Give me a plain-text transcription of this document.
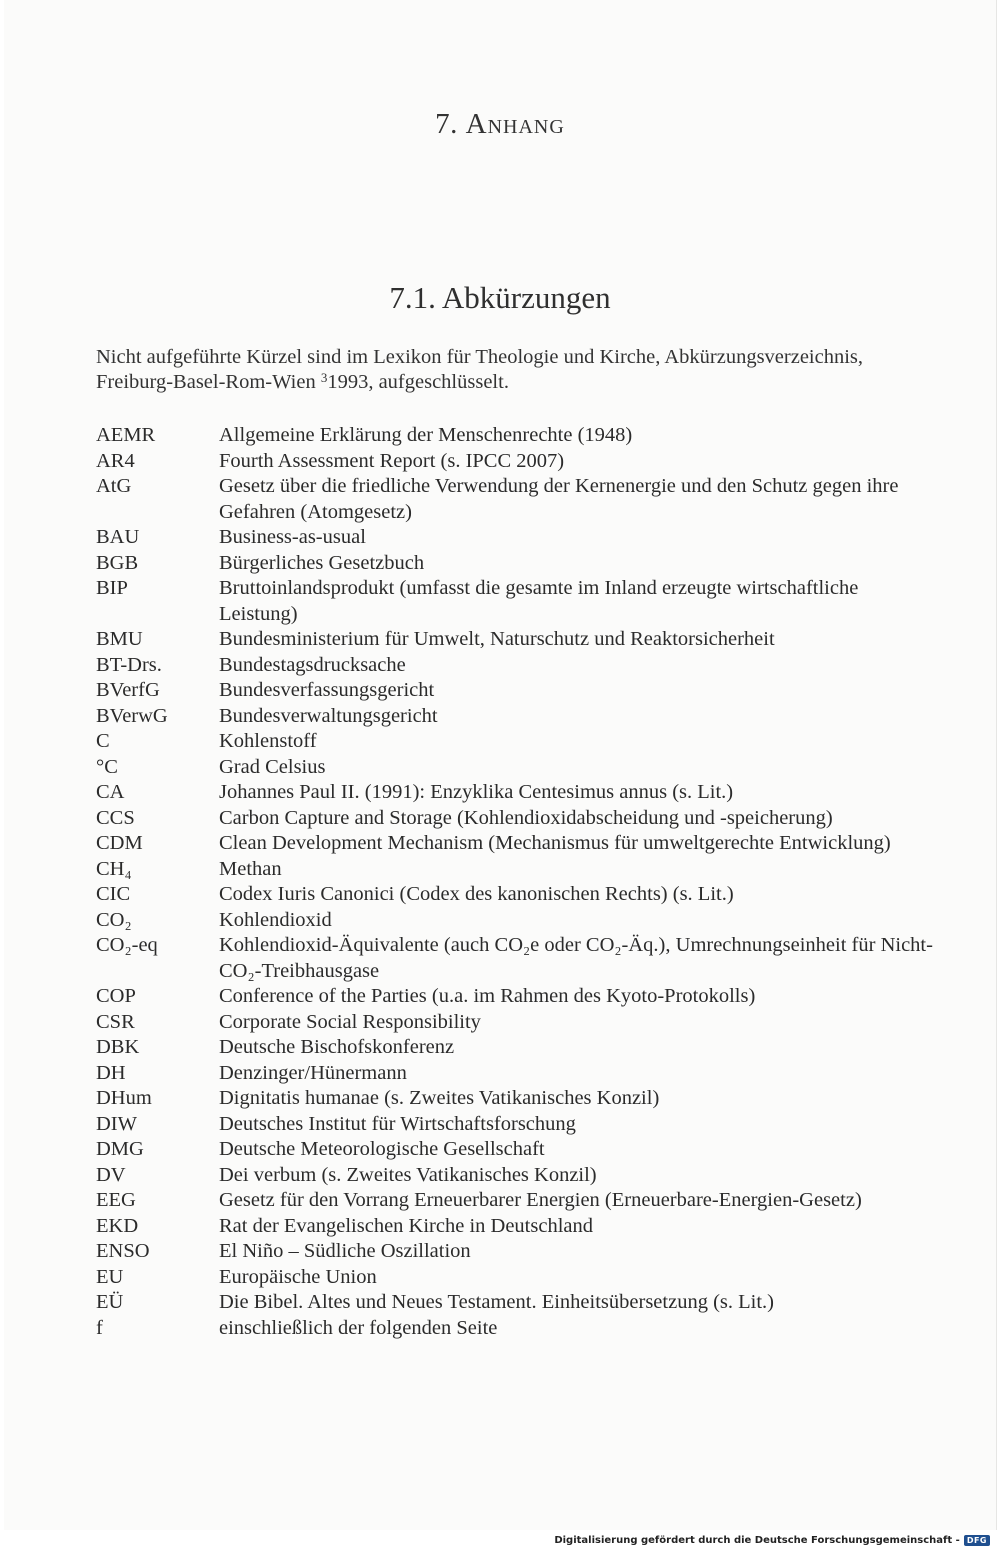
7. Anhang
7.1. Abkürzungen

Nicht aufgeführte Kürzel sind im Lexikon für Theologie und Kirche, Abkürzungsverzeichnis, Freiburg-Basel-Rom-Wien $^3$1993, aufgeschlüsselt.

AEMR	Allgemeine Erklärung der Menschenrechte (1948)
AR4	Fourth Assessment Report (s. IPCC 2007)
AtG	Gesetz über die friedliche Verwendung der Kernenergie und den Schutz gegen ihre Gefahren (Atomgesetz)
BAU	Business-as-usual
BGB	Bürgerliches Gesetzbuch
BIP	Bruttoinlandsprodukt (umfasst die gesamte im Inland erzeugte wirtschaftliche Leistung)
BMU	Bundesministerium für Umwelt, Naturschutz und Reaktorsicherheit
BT-Drs.	Bundestagsdrucksache
BVerfG	Bundesverfassungsgericht
BVerwG	Bundesverwaltungsgericht
C	Kohlenstoff
°C	Grad Celsius
CA	Johannes Paul II. (1991): Enzyklika Centesimus annus (s. Lit.)
CCS	Carbon Capture and Storage (Kohlendioxidabscheidung und -speicherung)
CDM	Clean Development Mechanism (Mechanismus für umweltgerechte Entwicklung)
CH₄	Methan
CIC	Codex Iuris Canonici (Codex des kanonischen Rechts) (s. Lit.)
CO₂	Kohlendioxid
CO₂-eq	Kohlendioxid-Äquivalente (auch CO₂e oder CO₂-Äq.), Umrechnungseinheit für Nicht-CO₂-Treibhausgase
COP	Conference of the Parties (u.a. im Rahmen des Kyoto-Protokolls)
CSR	Corporate Social Responsibility
DBK	Deutsche Bischofskonferenz
DH	Denzinger/Hünermann
DHum	Dignitatis humanae (s. Zweites Vatikanisches Konzil)
DIW	Deutsches Institut für Wirtschaftsforschung
DMG	Deutsche Meteorologische Gesellschaft
DV	Dei verbum (s. Zweites Vatikanisches Konzil)
EEG	Gesetz für den Vorrang Erneuerbarer Energien (Erneuerbare-Energien-Gesetz)
EKD	Rat der Evangelischen Kirche in Deutschland
ENSO	El Niño – Südliche Oszillation
EU	Europäische Union
EÜ	Die Bibel. Altes und Neues Testament. Einheitsübersetzung (s. Lit.)
f	einschließlich der folgenden Seite
Digitalisierung gefördert durch die Deutsche Forschungsgemeinschaft - DFG
